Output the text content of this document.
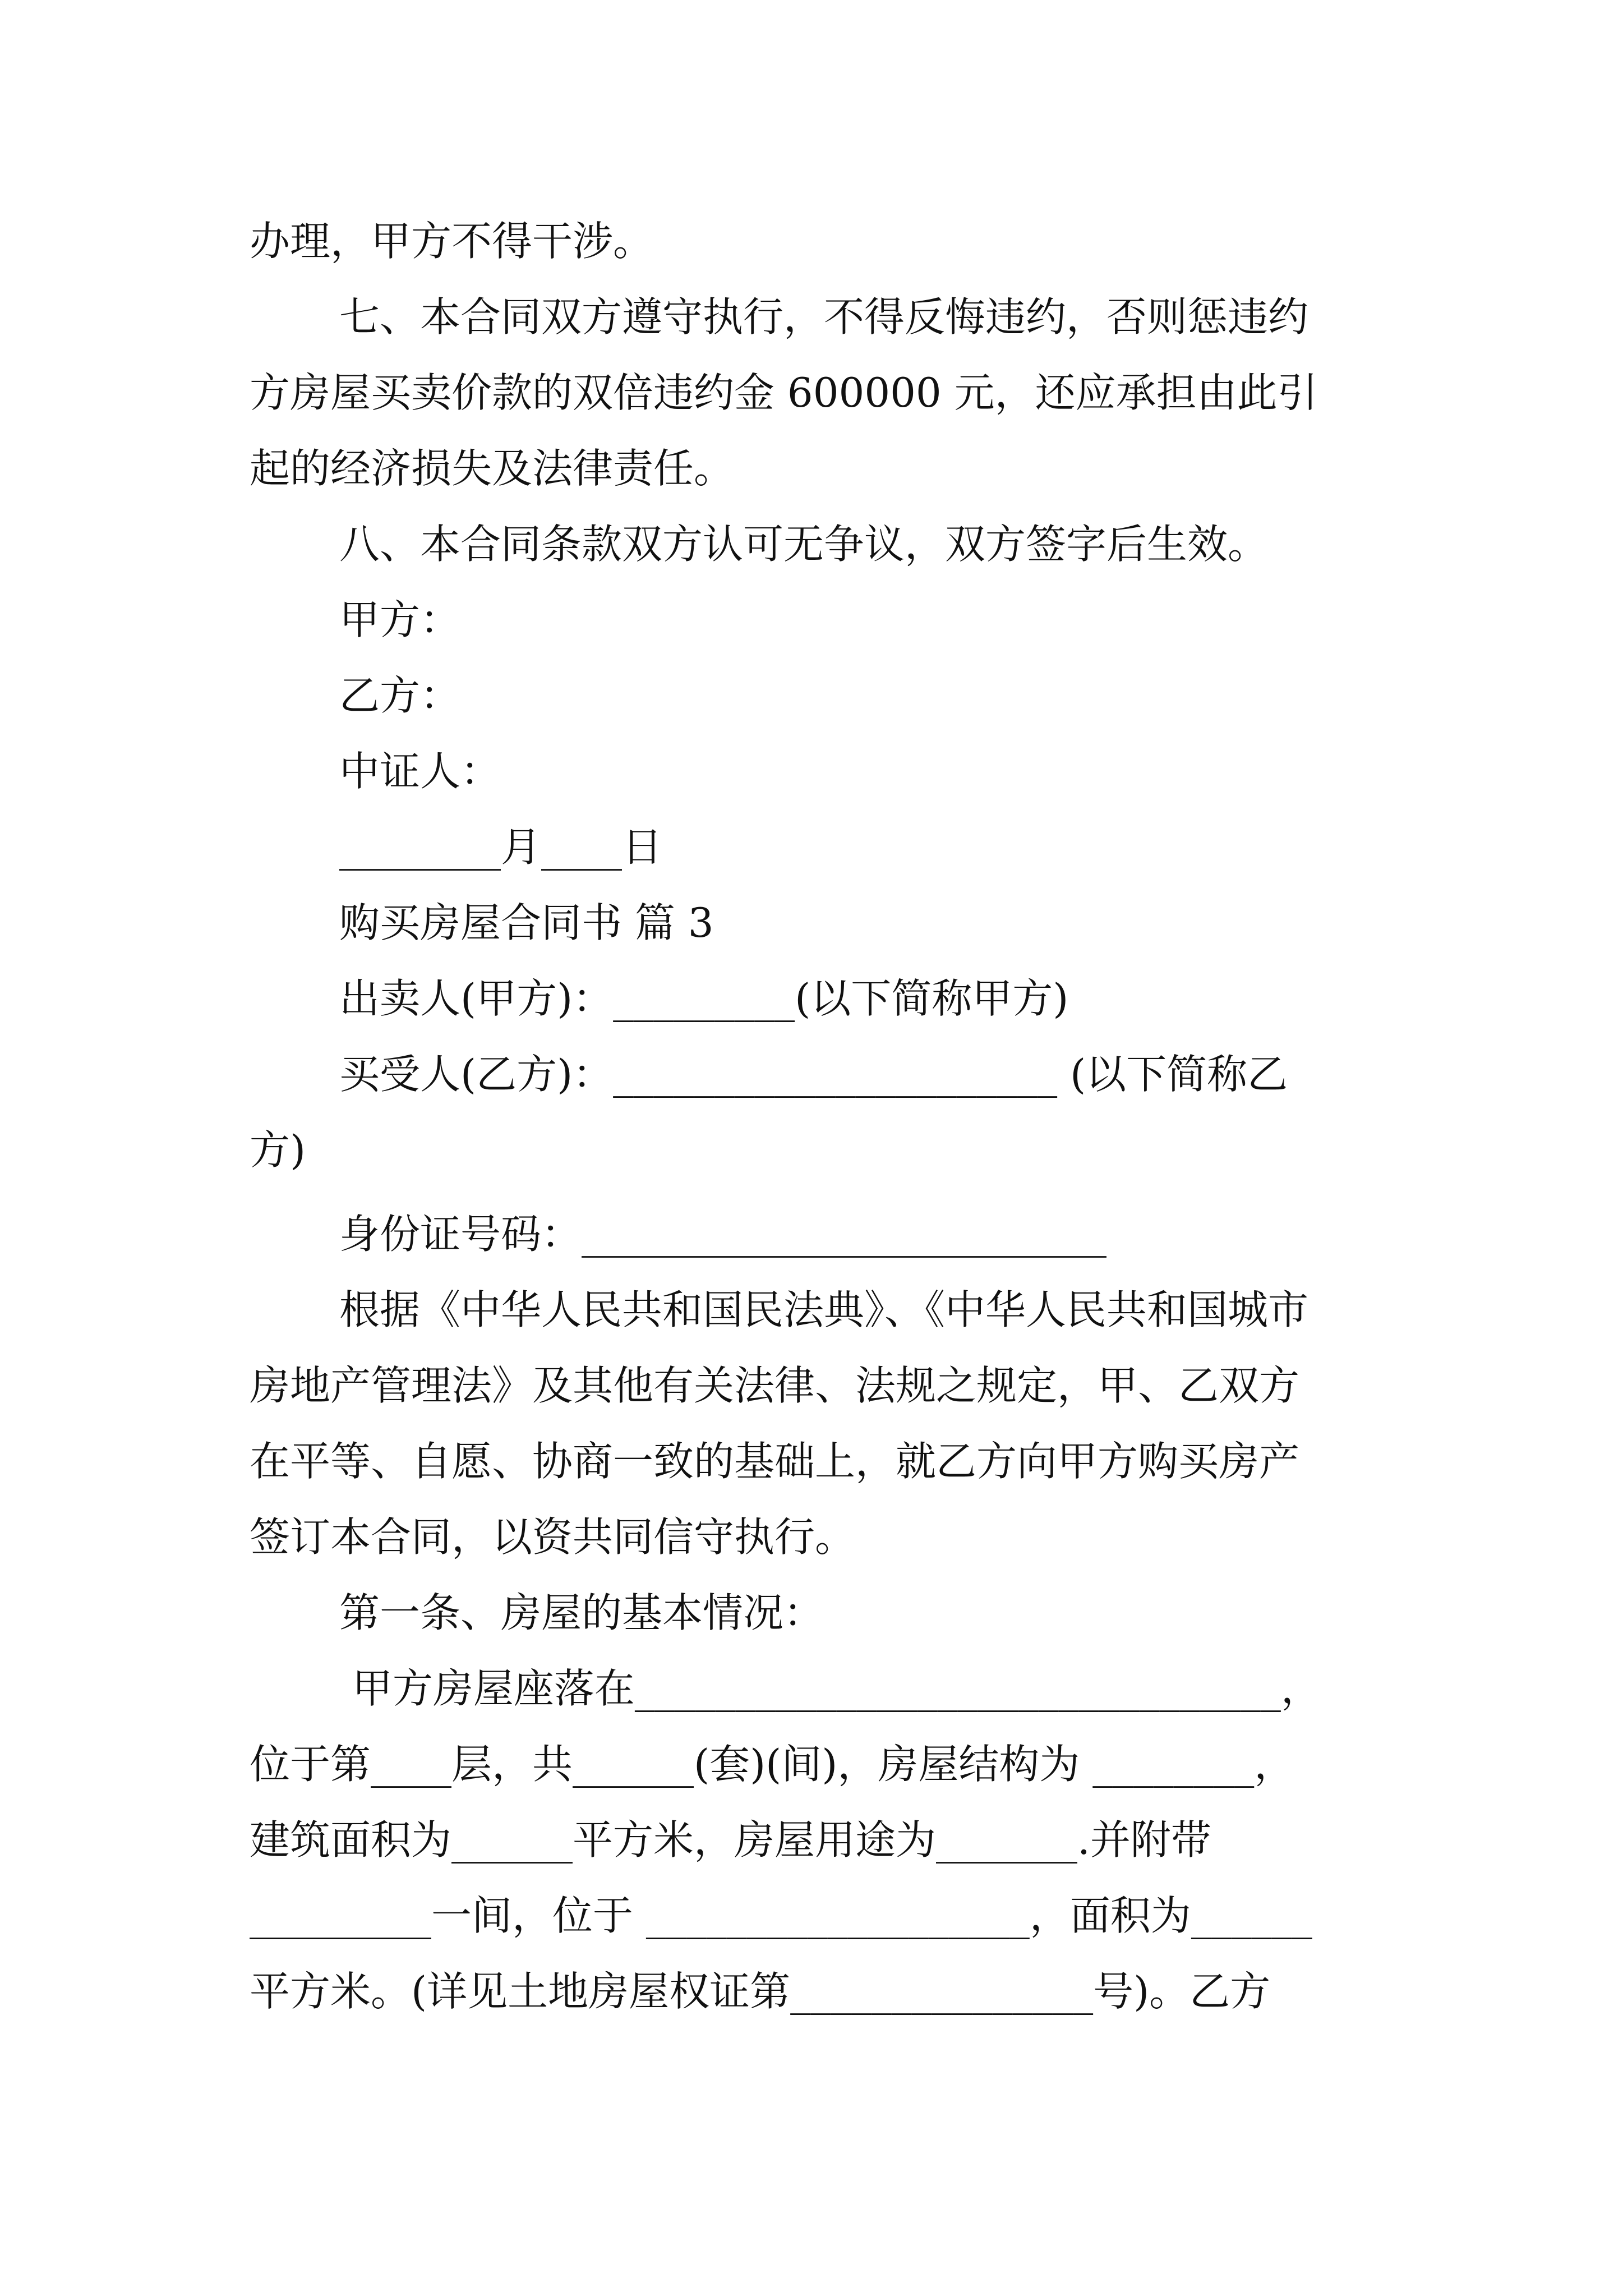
办理，甲方不得干涉。
七、本合同双方遵守执行，不得反悔违约，否则惩违约
方房屋买卖价款的双倍违约金 600000 元，还应承担由此引
起的经济损失及法律责任。
八、本合同条款双方认可无争议，双方签字后生效。
甲方：
乙方：
中证人：
________月____日
购买房屋合同书 篇 3
出卖人(甲方)：_________(以下简称甲方)
买受人(乙方)：______________________ (以下简称乙
方)
身份证号码：__________________________
根据《中华人民共和国民法典》、《中华人民共和国城市
房地产管理法》及其他有关法律、法规之规定，甲、乙双方
在平等、自愿、协商一致的基础上，就乙方向甲方购买房产
签订本合同，以资共同信守执行。
第一条、房屋的基本情况：
甲方房屋座落在________________________________，
位于第____层，共______(套)(间)，房屋结构为 ________，
建筑面积为______平方米，房屋用途为_______.并附带
_________一间，位于 ___________________，面积为______
平方米。(详见土地房屋权证第_______________号)。乙方
